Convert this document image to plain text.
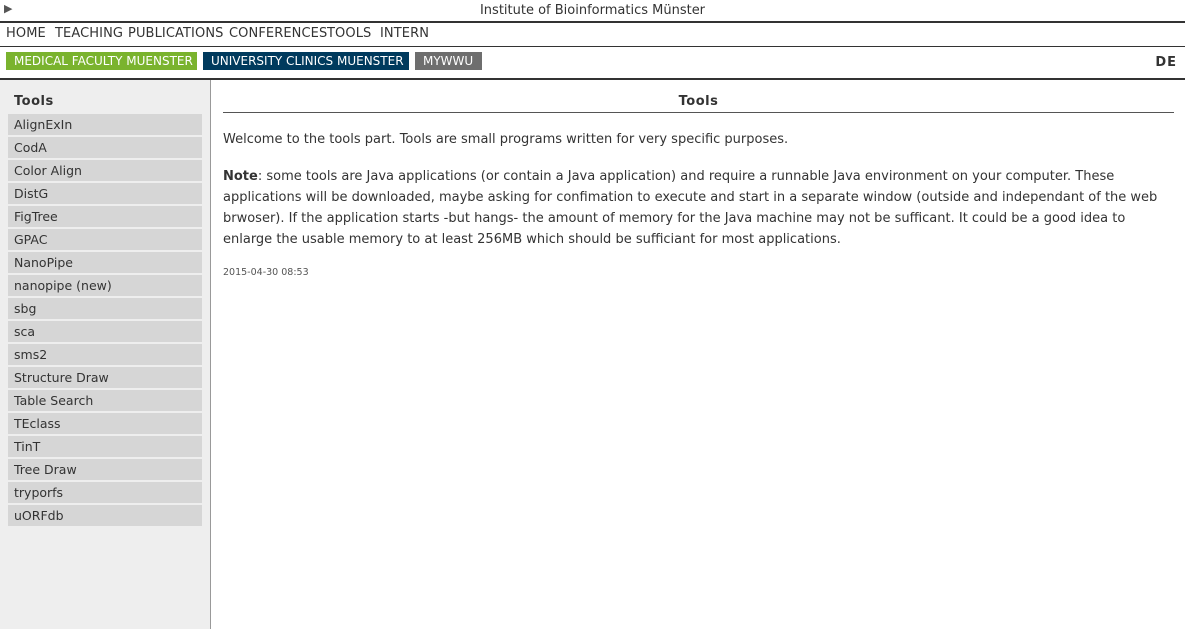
▶	Institute of Bioinformatics Münster
HOME TEACHING PUBLICATIONS CONFERENCES TOOLS INTERN
MEDICAL FACULTY MUENSTER	UNIVERSITY CLINICS MUENSTER	MYWWU	DE
Tools
AlignExIn
CodA
Color Align
DistG
FigTree
GPAC
NanoPipe
nanopipe (new)
sbg
sca
sms2
Structure Draw
Table Search
TEclass
TinT
Tree Draw
tryporfs
uORFdb
Tools

Welcome to the tools part. Tools are small programs written for very specific purposes.

Note: some tools are Java applications (or contain a Java application) and require a runnable Java environment on your computer. These applications will be downloaded, maybe asking for confimation to execute and start in a separate window (outside and independant of the web brwoser). If the application starts -but hangs- the amount of memory for the Java machine may not be sufficant. It could be a good idea to enlarge the usable memory to at least 256MB which should be sufficiant for most applications.

2015-04-30 08:53
